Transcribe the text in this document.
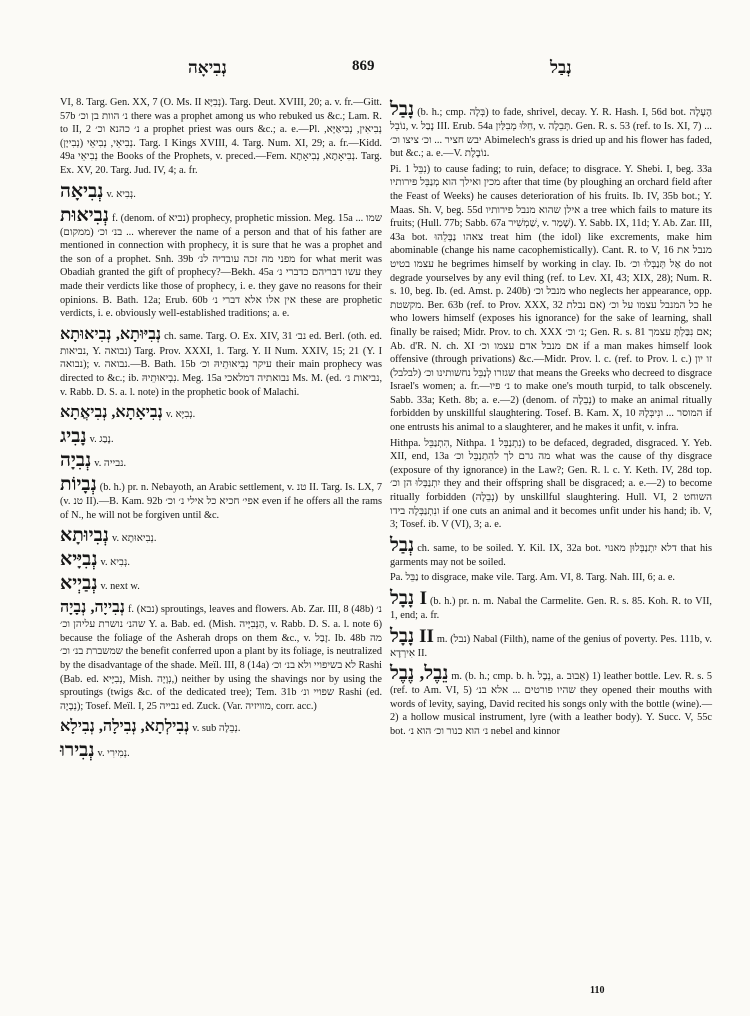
נְבִיאָה	869	נְבַל
VI, 8. Targ. Gen. XX, 7 (O. Ms. II נְבִיָּא). Targ. Deut. XVIII, 20; a. v. fr.—Gitt. 57b נ׳ הוות בן וכ׳ there was a prophet among us who rebuked us &c.; Lam. R. to II, 2 נ׳ כהנא וכ׳ a prophet priest was ours &c.; a. e.—Pl. נְבִיאִין, נְבִיאַיָּא, נְבִיאֵי, נְבִיאֵי (נְבִייָן). Targ. I Kings XVIII, 4. Targ. Num. XI, 29; a. fr.—Kidd. 49a נְבִיאֵי the Books of the Prophets, v. preced.—Fem. נְבִיאָתָא, נְבִיאָתָא. Targ. Ex. XV, 20. Targ. Jud. IV, 4; a. fr.
נְבִיאָה v. נְבִיא.
נְבִיאוּת f. (denom. of נביא) prophecy, prophetic mission. Meg. 15a ... שמו ... בנ׳ וכ׳ (ממקום) wherever the name of a person and that of his father are mentioned in connection with prophecy, it is sure that he was a prophet and the son of a prophet. Snh. 39b מפני מה זכה עובדיה לנ׳ for what merit was Obadiah granted the gift of prophecy?—Bekh. 45a עשו דבריהם כדברי נ׳ they made their verdicts like those of prophecy, i. e. they gave no reasons for their opinions. B. Bath. 12a; Erub. 60b אין אלו אלא דברי נ׳ these are prophetic verdicts, i. e. obviously well-established traditions; a. e.
נְבִיּוּתָא, נְבִיאוּתָא ch. same. Targ. O. Ex. XIV, 31 נב׳ ed. Berl. (oth. ed. נביאות, Y. נבואה) Targ. Prov. XXXI, 1. Targ. Y. II Num. XXIV, 15; 21 (Y. I נבואה); v. נבואה.—B. Bath. 15b עיקר נְבִיאוּתֵיהּ וכ׳ their main prophecy was directed to &c.; ib. נִבְיאוּתֵיהּ. Meg. 15a נבואתיה דמלאכי Ms. M. (ed. נביאות נ׳, v. Rabb. D. S. a. l. note) in the prophetic book of Malachi.
נְבִיאָתָא, נְבִיאֲתָא v. נְבִיָּא.
נָבִיג v. נָבַג.
נְבִיָה v. נבייה.
נְבָיוֹת (b. h.) pr. n. Nebayoth, an Arabic settlement, v. טנ II. Targ. Is. LX, 7 (v. טנ II).—B. Kam. 92b אפי׳ חכיא כל אילי נ׳ וכ׳ even if he offers all the rams of N., he will not be forgiven until &c.
נְבִיוּתָא v. נְבִיאוּתָא.
נְבִיָּיא v. נְבִיא.
נְבַיְיא v. next w.
נְבִייָה, נְבָיָה f. (נבא) sproutings, leaves and flowers. Ab. Zar. III, 8 (48b) נ׳ שהנ׳ נושרת עליהן וכ׳ Y. a. Bab. ed. (Mish. הַנְּבִיָּיה, v. Rabb. D. S. a. l. note 6) because the foliage of the Asherah drops on them &c., v. זָבַל. Ib. 48b מה שמשברת בנ׳ וכ׳ the benefit conferred upon a plant by its foliage, is neutralized by the disadvantage of the shade. Meïl. III, 8 (14a) לא בשיפויי ולא בנ׳ וכ׳ Rashi (Bab. ed. נְבִיָּיא, Mish. נְוָיָה,) neither by using the shavings nor by using the sproutings (twigs &c. of the dedicated tree); Tem. 31b שפויי ונ׳ Rashi (ed. נְבָיָה); Tosef. Meïl. I, 25 נבייה ed. Zuck. (Var. מוויזיה, corr. acc.)
נְבִילְתָא, נְבִילָה, נְבִילָא v. sub נְבֵלָה.
נְבִירוּ v. נְמִירִי.
נָבַל (b. h.; cmp. בְּלָה) to fade, shrivel, decay. Y. R. Hash. I, 56d bot. הֶעָלָה נוֹבֵל, v. נָבַל III. Erub. 54a חִלּוּ מְבִלַּיִן, v. תְּבֵלָה. Gen. R. s. 53 (ref. to Is. XI, 7) ... יבש חציר ... וכ׳ ציצו וכ׳ Abimelech's grass is dried up and his flower has faded, but &c.; a. e.—V. נוֹבֶלֶת.
Pi. נִבֵּל 1) to cause fading; to ruin, deface; to disgrace. Y. Shebi. I, beg. 33a מכין ואילך הוא מְנַבֵּל פירותיו after that time (by ploughing an orchard field after the Feast of Weeks) he causes deterioration of his fruits. Ib. IV, 35b bot.; Y. Maas. Sh. V, beg. 55d אילן שהוא מנבל פירותיו a tree which fails to mature its fruits; (Hull. 77b; Sabb. 67a שַׁמְשִׁיר, v. שָׁמַר). Y. Sabb. IX, 11d; Y. Ab. Zar. III, 43a bot. צאהו נַבְּלֵהוּ treat him (the idol) like excrements, make him abominable (change his name cacophemistically). Cant. R. to V, 16 מנבל את עצמו בטיט he begrimes himself by working in clay. Ib. אַל תְּנַבְּלוּ וכ׳ do not degrade yourselves by any evil thing (ref. to Lev. XI, 43; XIX, 28); Num. R. s. 10, beg. Ib. (ed. Amst. p. 240b) מנבל וכ׳ who neglects her appearance, opp. מקשטת. Ber. 63b (ref. to Prov. XXX, 32 אם נבלת) כל המנבל עצמו על וכ׳ he who lowers himself (exposes his ignorance) for the sake of learning, shall finally be raised; Midr. Prov. to ch. XXX נ׳ וכ׳; Gen. R. s. 81 אם נִבַּלְתָּ עצמך; Ab. d'R. N. ch. XI אם מנבל אדם עצמו וכ׳ if a man makes himself look offensive (through privations) &c.—Midr. Prov. l. c. (ref. to Prov. l. c.) זו יון שגזרו לְנַבֵּל נחשותינו וכ׳ (לבלבל) that means the Greeks who decreed to disgrace Israel's women; a. fr.—נ׳ פיו to make one's mouth turpid, to talk obscenely. Sabb. 33a; Keth. 8b; a. e.—2) (denom. of נְבֵלָה) to make an animal ritually forbidden by unskillful slaughtering. Tosef. B. Kam. X, 10 המוסר ... ונִיבְּלָהּ if one entrusts his animal to a slaughterer, and he makes it unfit, v. infra.
Hithpa. הִתְנַבֵּל, Nithpa. נִתְנַבֵּל 1) to be defaced, degraded, disgraced. Y. Yeb. XII, end, 13a מה גרם לך להִתְנַבֵּל וכ׳ what was the cause of thy disgrace (exposure of thy ignorance) in the Law?; Gen. R. l. c. Y. Keth. IV, 28d top. יִתְנַבְּלוּ הן וכ׳ they and their offspring shall be disgraced; a. e.—2) to become ritually forbidden (נְבֵלָה) by unskillful slaughtering. Hull. VI, 2 השוחט ונִתְנַבְּלָה בידו if one cuts an animal and it becomes unfit under his hand; ib. V, 3; Tosef. ib. V (VI), 3; a. e.
נְבַל ch. same, to be soiled. Y. Kil. IX, 32a bot. דלא יִתְנַבְּלוּן מאנוי that his garments may not be soiled.
Pa. נַבֵּל to disgrace, make vile. Targ. Am. VI, 8. Targ. Nah. III, 6; a. e.
נָבָל I (b. h.) pr. n. m. Nabal the Carmelite. Gen. R. s. 85. Koh. R. to VII, 1, end; a. fr.
נָבָל II m. (נבל) Nabal (Filth), name of the genius of poverty. Pes. 111b, v. אִירְדָא II.
נֵבֶל, נֶבֶל m. (b. h.; cmp. b. h. נְבֶל, a. אֵבוּב) 1) leather bottle. Lev. R. s. 5 (ref. to Am. VI, 5) שהיו פורטים ... אלא בנ׳ they opened their mouths with words of levity, saying, David recited his songs only with the bottle (wine).—2) a hollow musical instrument, lyre (with a leather body). Y. Succ. V, 55c bot. נ׳ הוא כנור וכ׳ הוא נ׳ nebel and kinnor
110
